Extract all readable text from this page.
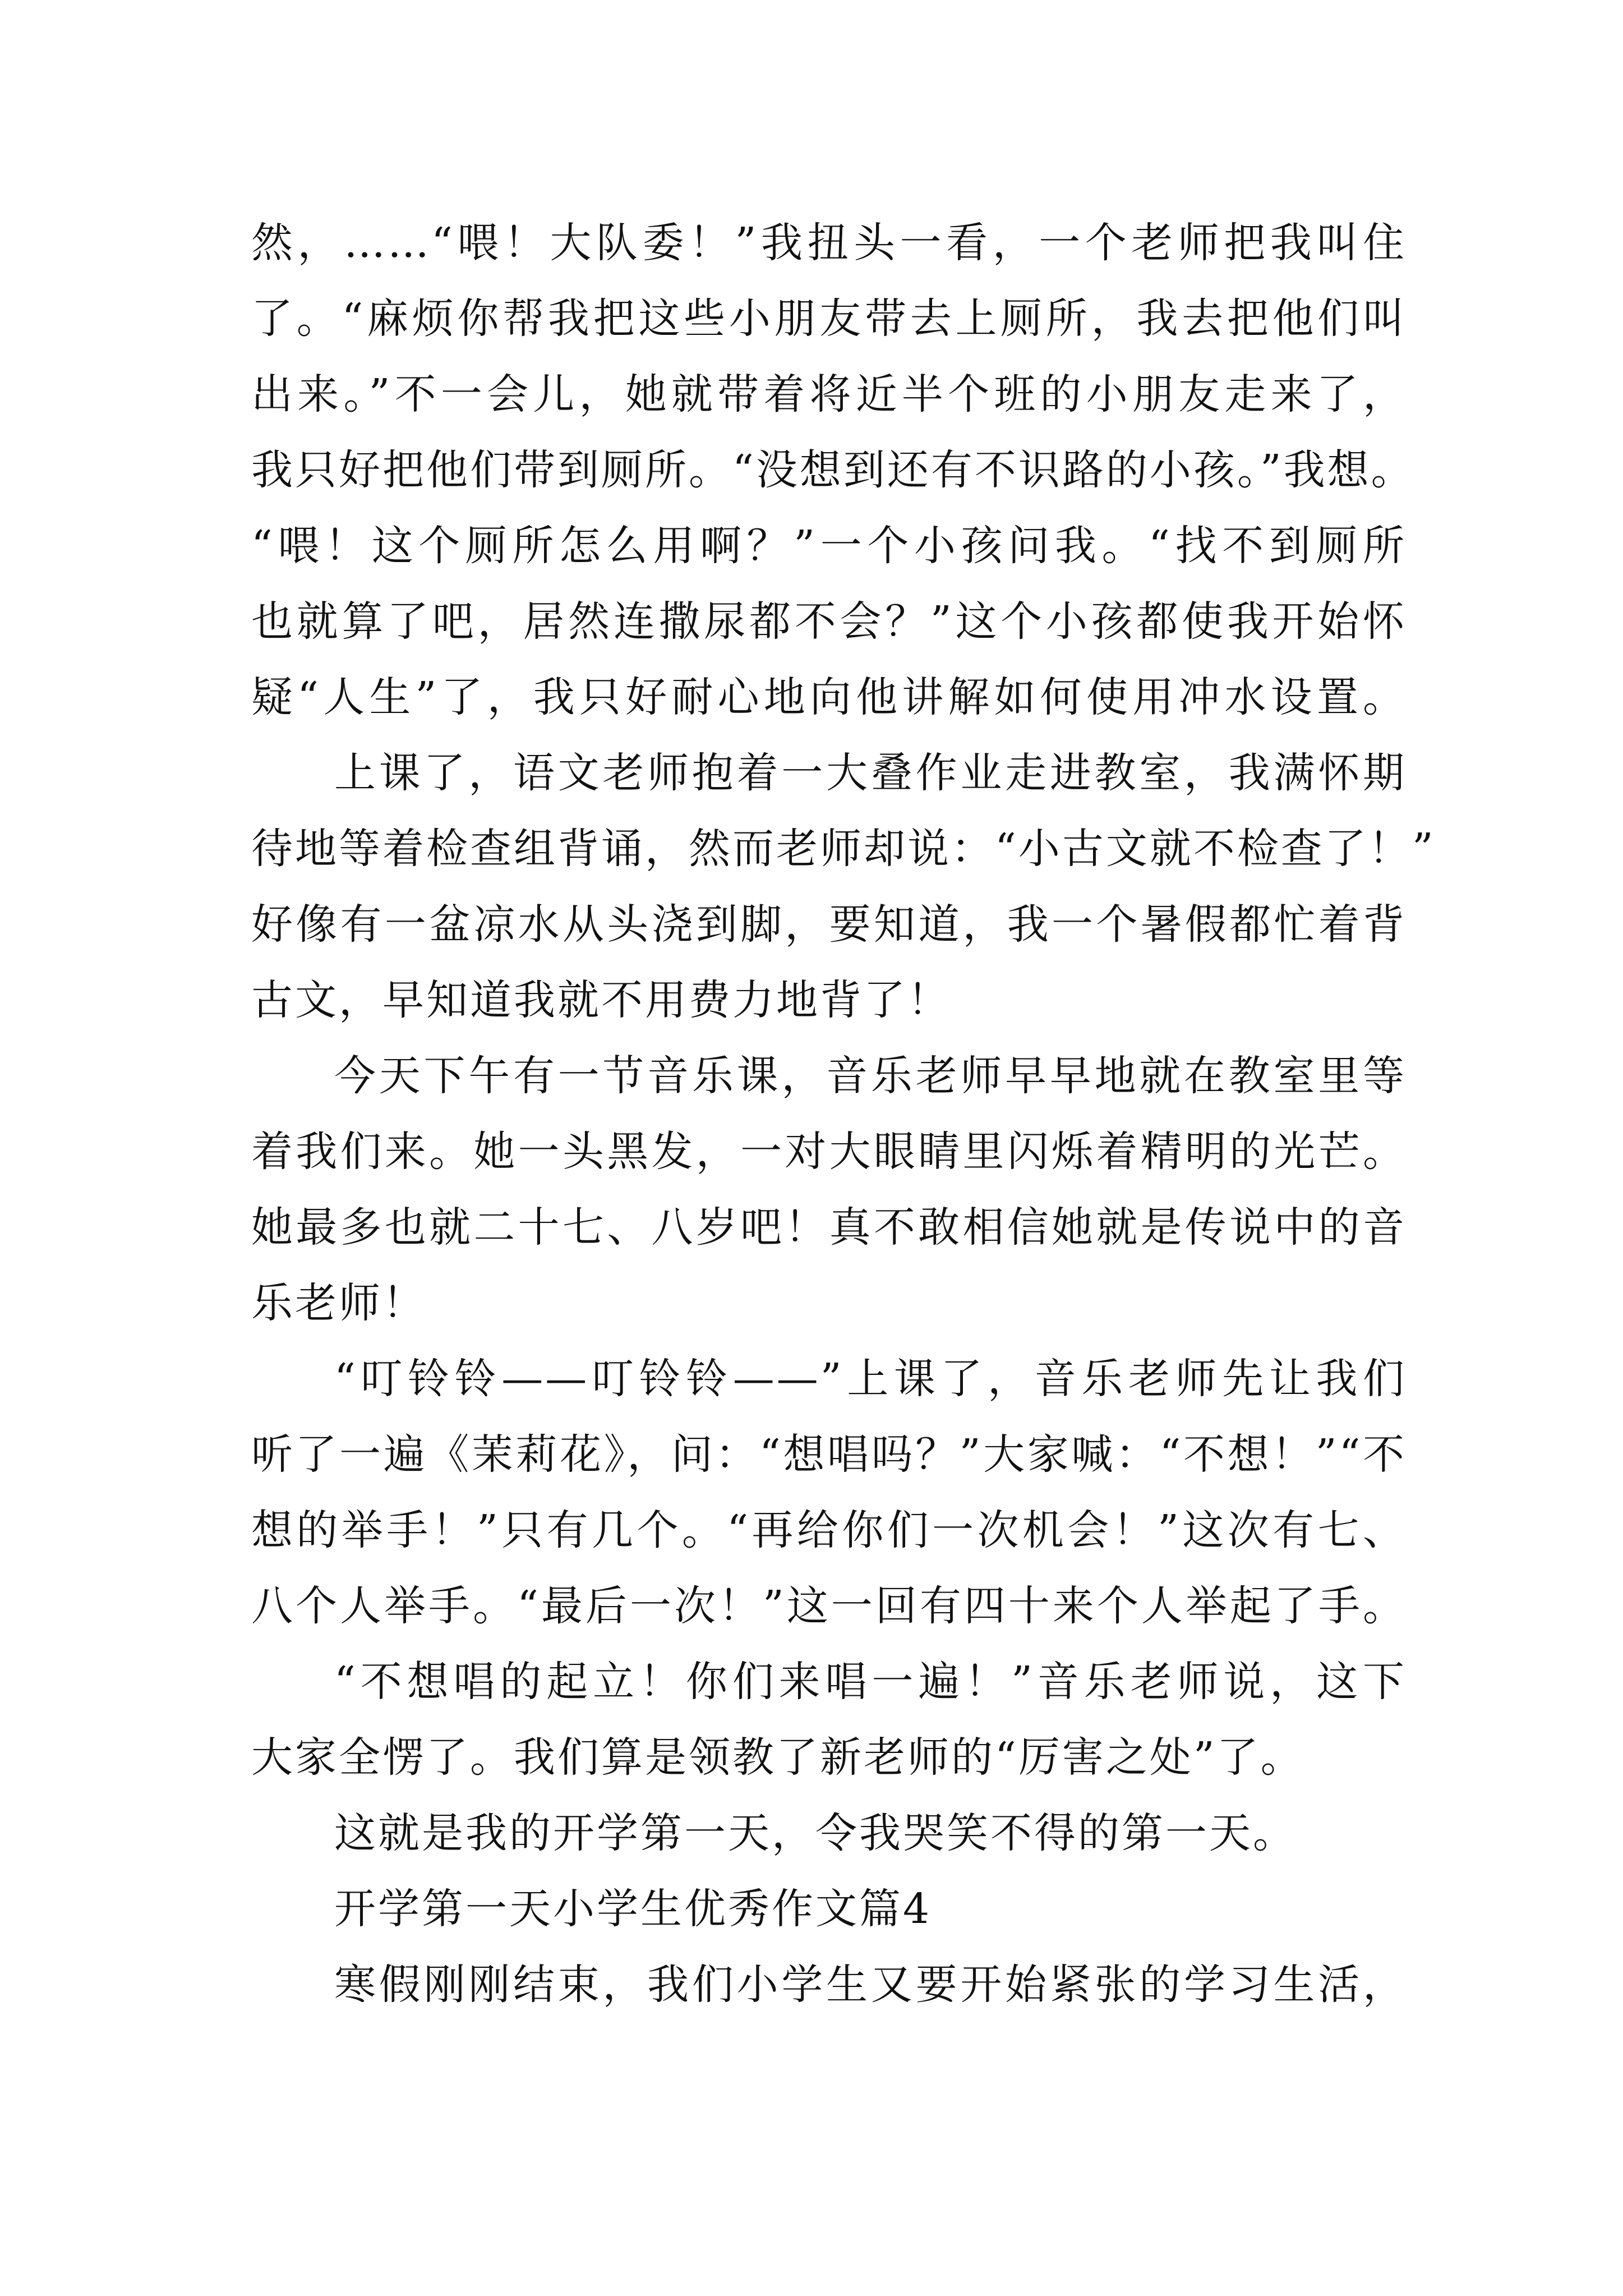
然，……“喂！大队委！”我扭头一看，一个老师把我叫住

了。“麻烦你帮我把这些小朋友带去上厕所，我去把他们叫

出来。”不一会儿，她就带着将近半个班的小朋友走来了，

我只好把他们带到厕所。“没想到还有不识路的小孩。”我想。

“喂！这个厕所怎么用啊？”一个小孩问我。“找不到厕所

也就算了吧，居然连撒尿都不会？”这个小孩都使我开始怀

疑“人生”了，我只好耐心地向他讲解如何使用冲水设置。

上课了，语文老师抱着一大叠作业走进教室，我满怀期

待地等着检查组背诵，然而老师却说：“小古文就不检查了！”

好像有一盆凉水从头浇到脚，要知道，我一个暑假都忙着背

古文，早知道我就不用费力地背了！

今天下午有一节音乐课，音乐老师早早地就在教室里等

着我们来。她一头黑发，一对大眼睛里闪烁着精明的光芒。

她最多也就二十七、八岁吧！真不敢相信她就是传说中的音

乐老师！

“叮铃铃——叮铃铃——”上课了，音乐老师先让我们

听了一遍《茉莉花》，问：“想唱吗？”大家喊：“不想！”“不

想的举手！”只有几个。“再给你们一次机会！”这次有七、

八个人举手。“最后一次！”这一回有四十来个人举起了手。

“不想唱的起立！你们来唱一遍！”音乐老师说，这下

大家全愣了。我们算是领教了新老师的“厉害之处”了。

这就是我的开学第一天，令我哭笑不得的第一天。

开学第一天小学生优秀作文篇4

寒假刚刚结束，我们小学生又要开始紧张的学习生活，
